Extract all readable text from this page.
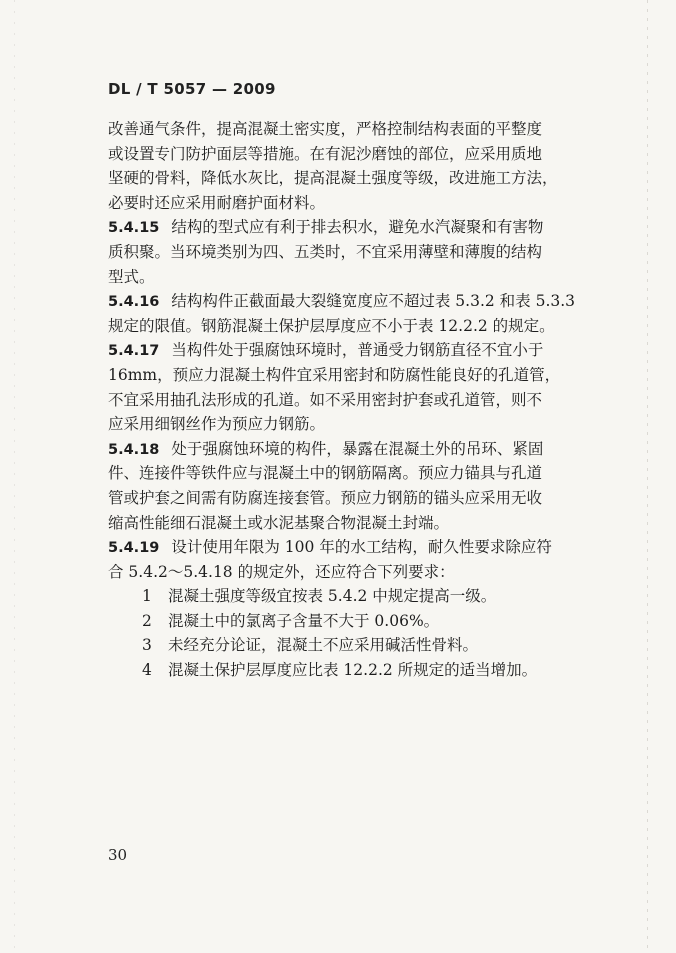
DL / T 5057 — 2009
改善通气条件，提高混凝土密实度，严格控制结构表面的平整度
或设置专门防护面层等措施。在有泥沙磨蚀的部位，应采用质地
坚硬的骨料，降低水灰比，提高混凝土强度等级，改进施工方法，
必要时还应采用耐磨护面材料。
5.4.15 结构的型式应有利于排去积水，避免水汽凝聚和有害物
质积聚。当环境类别为四、五类时，不宜采用薄壁和薄腹的结构
型式。
5.4.16 结构构件正截面最大裂缝宽度应不超过表 5.3.2 和表 5.3.3
规定的限值。钢筋混凝土保护层厚度应不小于表 12.2.2 的规定。
5.4.17 当构件处于强腐蚀环境时，普通受力钢筋直径不宜小于
16mm，预应力混凝土构件宜采用密封和防腐性能良好的孔道管，
不宜采用抽孔法形成的孔道。如不采用密封护套或孔道管，则不
应采用细钢丝作为预应力钢筋。
5.4.18 处于强腐蚀环境的构件，暴露在混凝土外的吊环、紧固
件、连接件等铁件应与混凝土中的钢筋隔离。预应力锚具与孔道
管或护套之间需有防腐连接套管。预应力钢筋的锚头应采用无收
缩高性能细石混凝土或水泥基聚合物混凝土封端。
5.4.19 设计使用年限为 100 年的水工结构，耐久性要求除应符
合 5.4.2～5.4.18 的规定外，还应符合下列要求：
1 混凝土强度等级宜按表 5.4.2 中规定提高一级。
2 混凝土中的氯离子含量不大于 0.06%。
3 未经充分论证，混凝土不应采用碱活性骨料。
4 混凝土保护层厚度应比表 12.2.2 所规定的适当增加。
30
